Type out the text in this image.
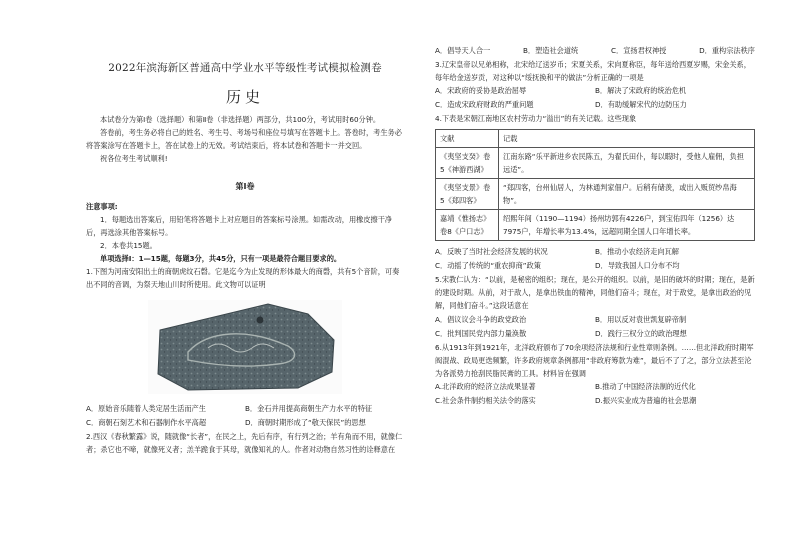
2022年滨海新区普通高中学业水平等级性考试模拟检测卷

历史

本试卷分为第Ⅰ卷（选择题）和第Ⅱ卷（非选择题）两部分，共100分，考试用时60分钟。

答卷前，考生务必将自己的姓名、考生号、考场号和座位号填写在答题卡上。答卷时，考生务必将答案涂写在答题卡上，答在试卷上的无效。考试结束后，将本试卷和答题卡一并交回。

祝各位考生考试顺利!

第Ⅰ卷

注意事项:

1．每题选出答案后，用铅笔将答题卡上对应题目的答案标号涂黑。如需改动，用橡皮擦干净后，再选涂其他答案标号。

2．本卷共15题。

单项选择Ⅰ：1—15题，每题3分，共45分，只有一项是最符合题目要求的。

1.下图为河南安阳出土的商朝虎纹石磬。它是迄今为止发现的形体最大的商磬，共有5个音阶，可奏出不同的音调，为祭天地山川时所使用。此文物可以证明

A．原始音乐随着人类定居生活而产生	B．金石并用提高商朝生产力水平的特征
C．商朝石刻艺术和石器制作水平高超	D．商朝时期形成了“敬天保民”的思想

2.西汉《春秋繁露》说，随就像“长者”，在民之上，先后有序，有行列之治；羊有角而不用，就像仁者；杀它也不啼，就像死义者；羔羊跪食于其母，就像知礼的人。作者对动物自然习性的诠释意在

A．倡导天人合一	B．塑造社会道统	C．宣扬君权神授	D．重构宗法秩序

3.辽宋皇帝以兄弟相称，北宋给辽送岁币；宋夏关系，宋向夏称臣，每年送给西夏岁赐，宋金关系，每年给金送岁贡，对这种以“绥抚换和平的做法”分析正确的一项是

A．宋政府的妥协是政治屈辱	B．解决了宋政府的统治危机
C．造成宋政府财政的严重问题	D．有助缓解宋代的边防压力

4.下表是宋朝江南地区农村劳动力“溢出”的有关记载。这些现象

文献	记载
《夷坚支癸》卷5《神游西湖》	江南东路“乐平新进乡农民陈五，为翟氏田仆，每以暇时，受他人雇佣，负担远适”。
《夷坚支景》卷5《郑四客》	“郑四客，台州仙居人，为林通判家佃户。后稍有储羡，或出入贩贸纱帛海物”。
嘉靖《惟扬志》卷8《户口志》	绍熙年间（1190—1194）扬州坊郭有4226户，到宝佑四年（1256）达7975户，年增长率为13.4%，远超同期全国人口年增长率。
A．反映了当时社会经济发展的状况	B．推动小农经济走向瓦解
C．动摇了传统的“重农抑商”政策	D．导致我国人口分布不均

5.宋教仁认为：“以前，是秘密的组织；现在，是公开的组织。以前，是旧的破坏的时期；现在，是新的建设时期。从前，对于敌人，是拿出铁血的精神，同他们奋斗；现在，对于敌党，是拿出政治的见解，同他们奋斗。”这段话意在

A．倡议议会斗争的政党政治	B．用以反对袁世凯复辟帝制
C．批判国民党内部力量涣散	D．践行三权分立的政治理想

6.从1913年到1921年，北洋政府颁布了70余项经济法规和行业性章则条例。……但北洋政府时期军阀混战、政局更迭频繁，许多政府规章条例都用“非政府筹款为难”，最后不了了之，部分立法甚至沦为各派势力抢刮民脂民膏的工具。材料旨在强调

A.北洋政府的经济立法成果显著	B.推动了中国经济法制的近代化
C.社会条件制约相关法令的落实	D.振兴实业成为普遍的社会思潮
